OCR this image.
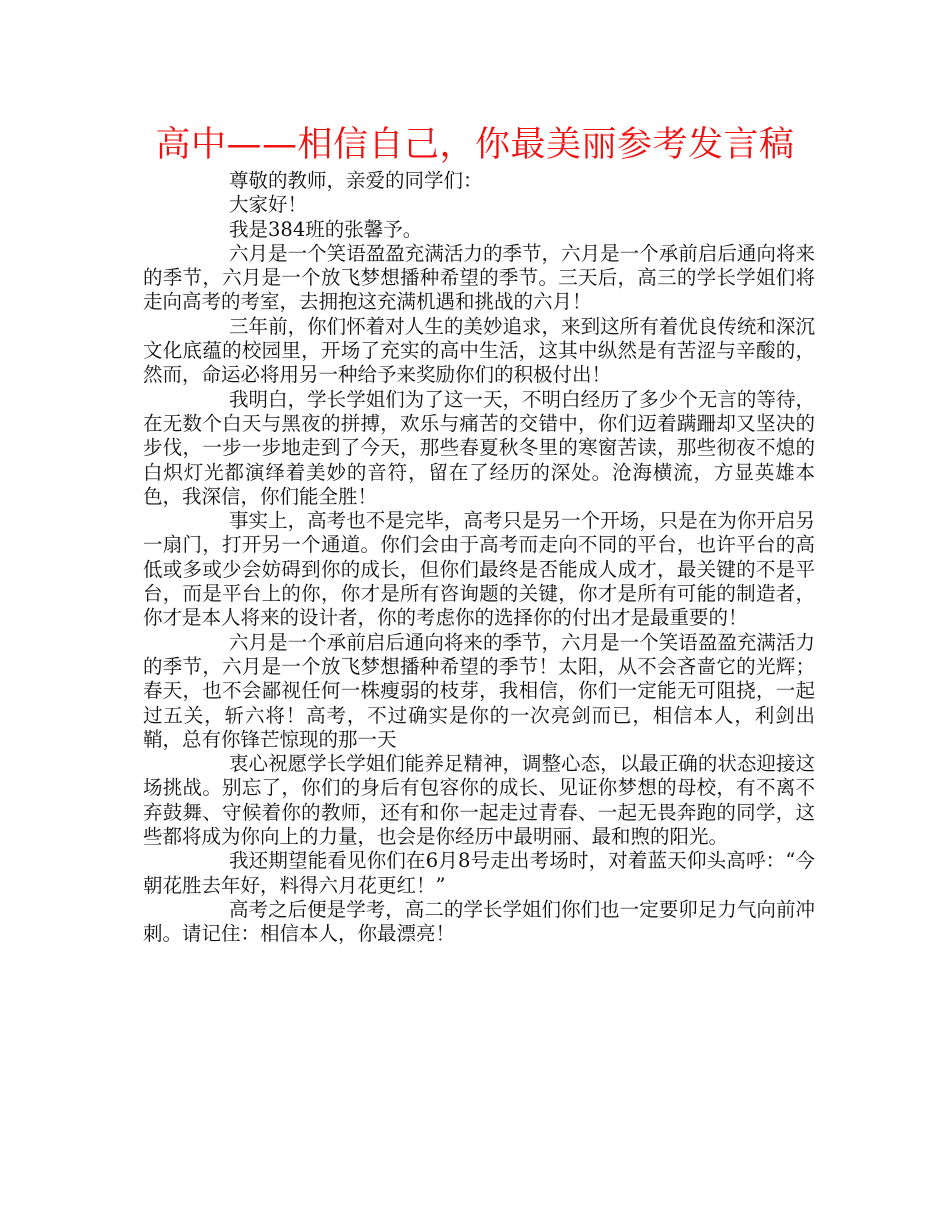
高中——相信自己，你最美丽参考发言稿

尊敬的教师，亲爱的同学们：

大家好！

我是384班的张馨予。

六月是一个笑语盈盈充满活力的季节，六月是一个承前启后通向将来的季节，六月是一个放飞梦想播种希望的季节。三天后，高三的学长学姐们将走向高考的考室，去拥抱这充满机遇和挑战的六月！

三年前，你们怀着对人生的美妙追求，来到这所有着优良传统和深沉文化底蕴的校园里，开场了充实的高中生活，这其中纵然是有苦涩与辛酸的，然而，命运必将用另一种给予来奖励你们的积极付出！

我明白，学长学姐们为了这一天，不明白经历了多少个无言的等待，在无数个白天与黑夜的拼搏，欢乐与痛苦的交错中，你们迈着蹒跚却又坚决的步伐，一步一步地走到了今天，那些春夏秋冬里的寒窗苦读，那些彻夜不熄的白炽灯光都演绎着美妙的音符，留在了经历的深处。沧海横流，方显英雄本色，我深信，你们能全胜！

事实上，高考也不是完毕，高考只是另一个开场，只是在为你开启另一扇门，打开另一个通道。你们会由于高考而走向不同的平台，也许平台的高低或多或少会妨碍到你的成长，但你们最终是否能成人成才，最关键的不是平台，而是平台上的你，你才是所有咨询题的关键，你才是所有可能的制造者，你才是本人将来的设计者，你的考虑你的选择你的付出才是最重要的！

六月是一个承前启后通向将来的季节，六月是一个笑语盈盈充满活力的季节，六月是一个放飞梦想播种希望的季节！太阳，从不会吝啬它的光辉；春天，也不会鄙视任何一株瘦弱的枝芽，我相信，你们一定能无可阻挠，一起过五关，斩六将！高考，不过确实是你的一次亮剑而已，相信本人，利剑出鞘，总有你锋芒惊现的那一天

衷心祝愿学长学姐们能养足精神，调整心态，以最正确的状态迎接这场挑战。别忘了，你们的身后有包容你的成长、见证你梦想的母校，有不离不弃鼓舞、守候着你的教师，还有和你一起走过青春、一起无畏奔跑的同学，这些都将成为你向上的力量，也会是你经历中最明丽、最和煦的阳光。

我还期望能看见你们在6月8号走出考场时，对着蓝天仰头高呼：“今朝花胜去年好，料得六月花更红！”

高考之后便是学考，高二的学长学姐们你们也一定要卯足力气向前冲刺。请记住：相信本人，你最漂亮！
